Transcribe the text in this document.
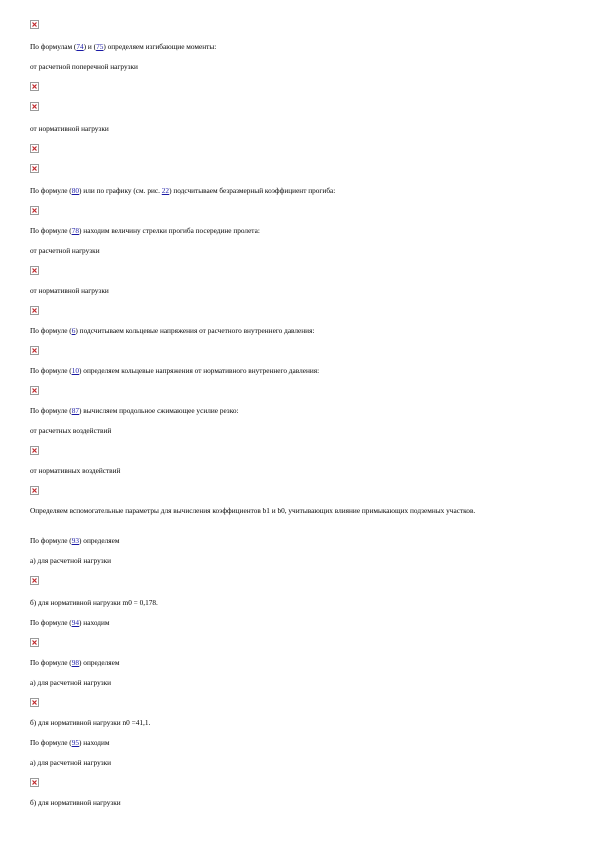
По формулам (74) и (75) определяем изгибающие моменты:
от расчетной поперечной нагрузки
от нормативной нагрузки
По формуле (80) или по графику (см. рис. 22) подсчитываем безразмерный коэффициент прогиба:
По формуле (78) находим величину стрелки прогиба посередине пролета:
от расчетной нагрузки
от нормативной нагрузки
По формуле (6) подсчитываем кольцевые напряжения от расчетного внутреннего давления:
По формуле (10) определяем кольцевые напряжения от нормативного внутреннего давления:
По формуле (87) вычисляем продольное сжимающее усилие резко:
от расчетных воздействий
от нормативных воздействий
Определяем вспомогательные параметры для вычисления коэффициентов b1 и b0, учитывающих влияние примыкающих подземных участков.
По формуле (93) определяем
а) для расчетной нагрузки
б) для нормативной нагрузки m0 = 0,178.
По формуле (94) находим
По формуле (98) определяем
а) для расчетной нагрузки
б) для нормативной нагрузки n0 =41,1.
По формуле (95) находим
а) для расчетной нагрузки
б) для нормативной нагрузки
